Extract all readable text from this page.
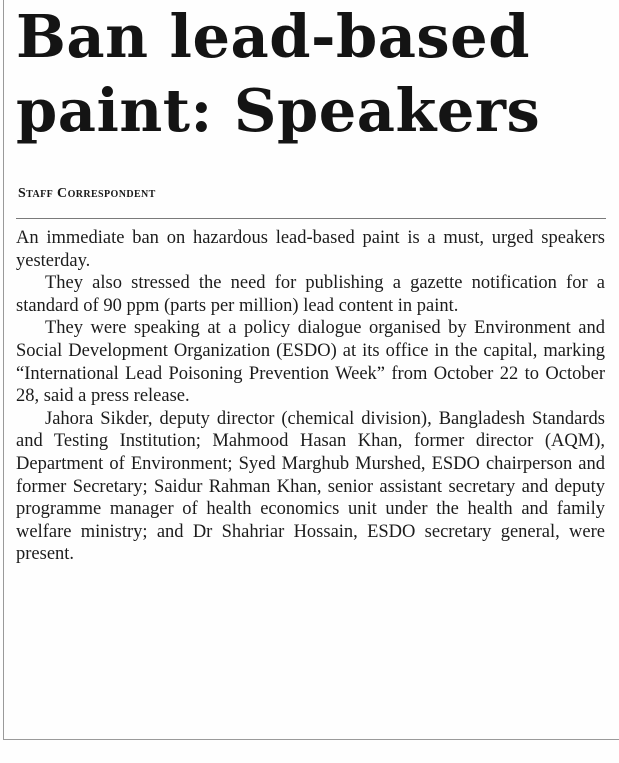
Ban lead-based
paint: Speakers
Staff Correspondent

An immediate ban on hazardous lead-based paint is a must, urged speakers yesterday.

They also stressed the need for publishing a gazette notification for a standard of 90 ppm (parts per million) lead content in paint.

They were speaking at a policy dialogue organised by Environment and Social Development Organization (ESDO) at its office in the capital, marking “International Lead Poisoning Prevention Week” from October 22 to October 28, said a press release.

Jahora Sikder, deputy director (chemical division), Bangladesh Standards and Testing Institution; Mahmood Hasan Khan, former director (AQM), Department of Environment; Syed Marghub Murshed, ESDO chairperson and former Secretary; Saidur Rahman Khan, senior assistant secretary and deputy programme manager of health economics unit under the health and family welfare ministry; and Dr Shahriar Hossain, ESDO secretary general, were present.
